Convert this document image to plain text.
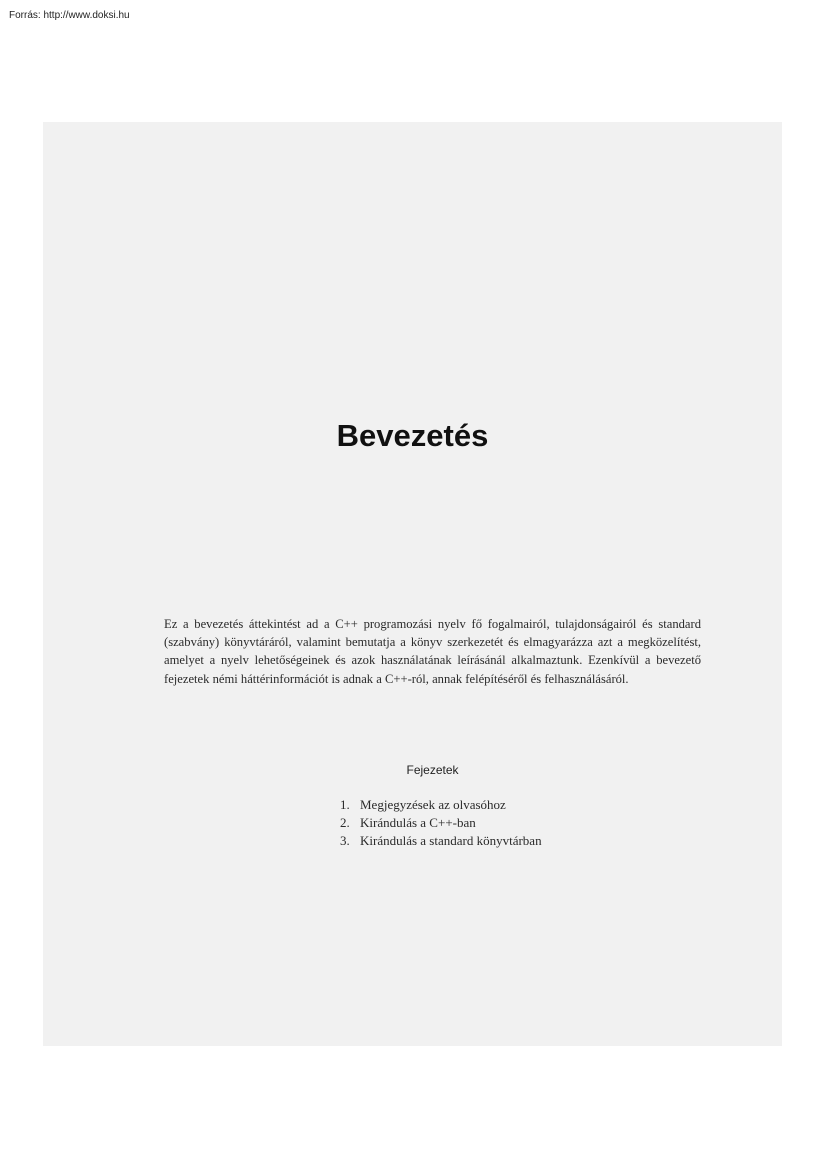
Forrás: http://www.doksi.hu
Bevezetés

Ez a bevezetés áttekintést ad a C++ programozási nyelv fő fogalmairól, tulajdonságairól és standard (szabvány) könyvtáráról, valamint bemutatja a könyv szerkezetét és elmagyarázza azt a megközelítést, amelyet a nyelv lehetőségeinek és azok használatának leírásánál alkalmaztunk. Ezenkívül a bevezető fejezetek némi háttérinformációt is adnak a C++-ról, annak felépítéséről és felhasználásáról.

Fejezetek
1. Megjegyzések az olvasóhoz
2. Kirándulás a C++-ban
3. Kirándulás a standard könyvtárban
